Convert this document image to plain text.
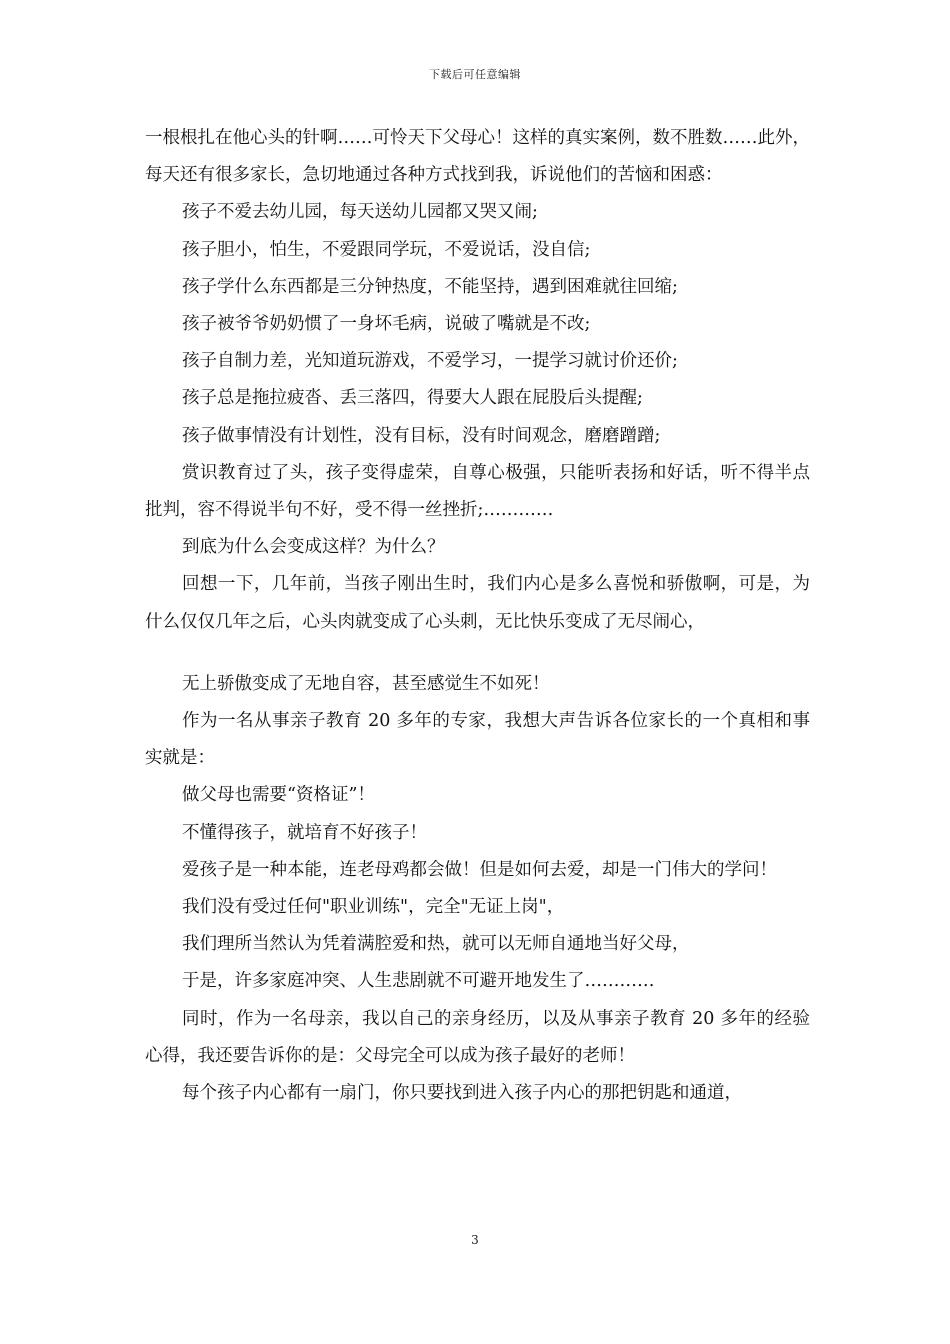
下载后可任意编辑

一根根扎在他心头的针啊……可怜天下父母心！这样的真实案例，数不胜数……此外，每天还有很多家长，急切地通过各种方式找到我，诉说他们的苦恼和困惑：

孩子不爱去幼儿园，每天送幼儿园都又哭又闹;

孩子胆小，怕生，不爱跟同学玩，不爱说话，没自信;

孩子学什么东西都是三分钟热度，不能坚持，遇到困难就往回缩;

孩子被爷爷奶奶惯了一身坏毛病，说破了嘴就是不改;

孩子自制力差，光知道玩游戏，不爱学习，一提学习就讨价还价;

孩子总是拖拉疲沓、丢三落四，得要大人跟在屁股后头提醒;

孩子做事情没有计划性，没有目标，没有时间观念，磨磨蹭蹭;

赏识教育过了头，孩子变得虚荣，自尊心极强，只能听表扬和好话，听不得半点批判，容不得说半句不好，受不得一丝挫折;…………

到底为什么会变成这样？为什么？

回想一下，几年前，当孩子刚出生时，我们内心是多么喜悦和骄傲啊，可是，为什么仅仅几年之后，心头肉就变成了心头刺，无比快乐变成了无尽闹心，

无上骄傲变成了无地自容，甚至感觉生不如死！

作为一名从事亲子教育 20 多年的专家，我想大声告诉各位家长的一个真相和事实就是：

做父母也需要“资格证”！

不懂得孩子，就培育不好孩子！

爱孩子是一种本能，连老母鸡都会做！但是如何去爱，却是一门伟大的学问！

我们没有受过任何"职业训练"，完全"无证上岗"，

我们理所当然认为凭着满腔爱和热，就可以无师自通地当好父母，

于是，许多家庭冲突、人生悲剧就不可避开地发生了…………

同时，作为一名母亲，我以自己的亲身经历，以及从事亲子教育 20 多年的经验心得，我还要告诉你的是：父母完全可以成为孩子最好的老师！

每个孩子内心都有一扇门，你只要找到进入孩子内心的那把钥匙和通道，

3
